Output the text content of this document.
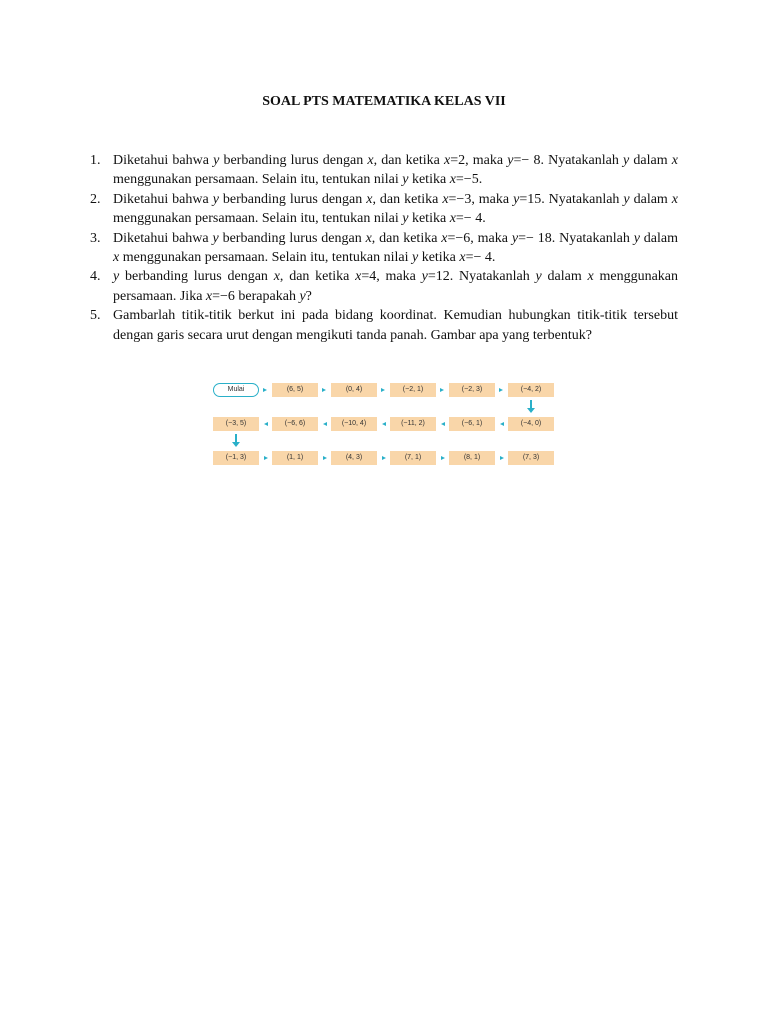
SOAL PTS MATEMATIKA KELAS VII
1. Diketahui bahwa y berbanding lurus dengan x, dan ketika x=2, maka y=− 8. Nyatakanlah y dalam x menggunakan persamaan. Selain itu, tentukan nilai y ketika x=−5.
2. Diketahui bahwa y berbanding lurus dengan x, dan ketika x=−3, maka y=15. Nyatakanlah y dalam x menggunakan persamaan. Selain itu, tentukan nilai y ketika x=− 4.
3. Diketahui bahwa y berbanding lurus dengan x, dan ketika x=−6, maka y=− 18. Nyatakanlah y dalam x menggunakan persamaan. Selain itu, tentukan nilai y ketika x=− 4.
4. y berbanding lurus dengan x, dan ketika x=4, maka y=12. Nyatakanlah y dalam x menggunakan persamaan. Jika x=−6 berapakah y?
5. Gambarlah titik-titik berkut ini pada bidang koordinat. Kemudian hubungkan titik-titik tersebut dengan garis secara urut dengan mengikuti tanda panah. Gambar apa yang terbentuk?
Mulai	(6, 5)	(0, 4)	(−2, 1)	(−2, 3)	(−4, 2)
(−3, 5)	(−6, 6)	(−10, 4)	(−11, 2)	(−6, 1)	(−4, 0)
(−1, 3)	(1, 1)	(4, 3)	(7, 1)	(8, 1)	(7, 3)
